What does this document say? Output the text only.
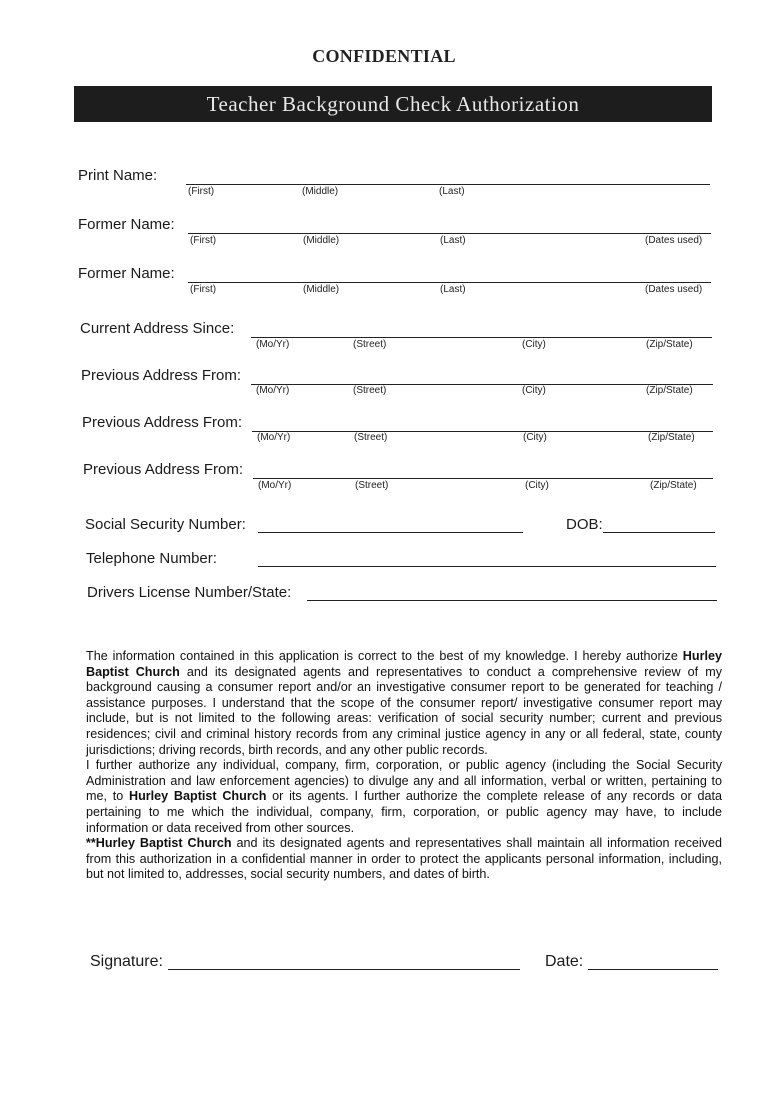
CONFIDENTIAL
Teacher Background Check Authorization
Print Name:
(First)	(Middle)	(Last)
Former Name:
(First)	(Middle)	(Last)	(Dates used)
Former Name:
(First)	(Middle)	(Last)	(Dates used)
Current Address Since:
(Mo/Yr)	(Street)	(City)	(Zip/State)
Previous Address From:
(Mo/Yr)	(Street)	(City)	(Zip/State)
Previous Address From:
(Mo/Yr)	(Street)	(City)	(Zip/State)
Previous Address From:
(Mo/Yr)	(Street)	(City)	(Zip/State)
Social Security Number:	DOB:
Telephone Number:
Drivers License Number/State:

The information contained in this application is correct to the best of my knowledge. I hereby authorize Hurley Baptist Church and its designated agents and representatives to conduct a comprehensive review of my background causing a consumer report and/or an investigative consumer report to be generated for teaching / assistance purposes. I understand that the scope of the consumer report/ investigative consumer report may include, but is not limited to the following areas: verification of social security number; current and previous residences; civil and criminal history records from any criminal justice agency in any or all federal, state, county jurisdictions; driving records, birth records, and any other public records.

I further authorize any individual, company, firm, corporation, or public agency (including the Social Security Administration and law enforcement agencies) to divulge any and all information, verbal or written, pertaining to me, to Hurley Baptist Church or its agents. I further authorize the complete release of any records or data pertaining to me which the individual, company, firm, corporation, or public agency may have, to include information or data received from other sources.

**Hurley Baptist Church and its designated agents and representatives shall maintain all information received from this authorization in a confidential manner in order to protect the applicants personal information, including, but not limited to, addresses, social security numbers, and dates of birth.

Signature:	Date:
